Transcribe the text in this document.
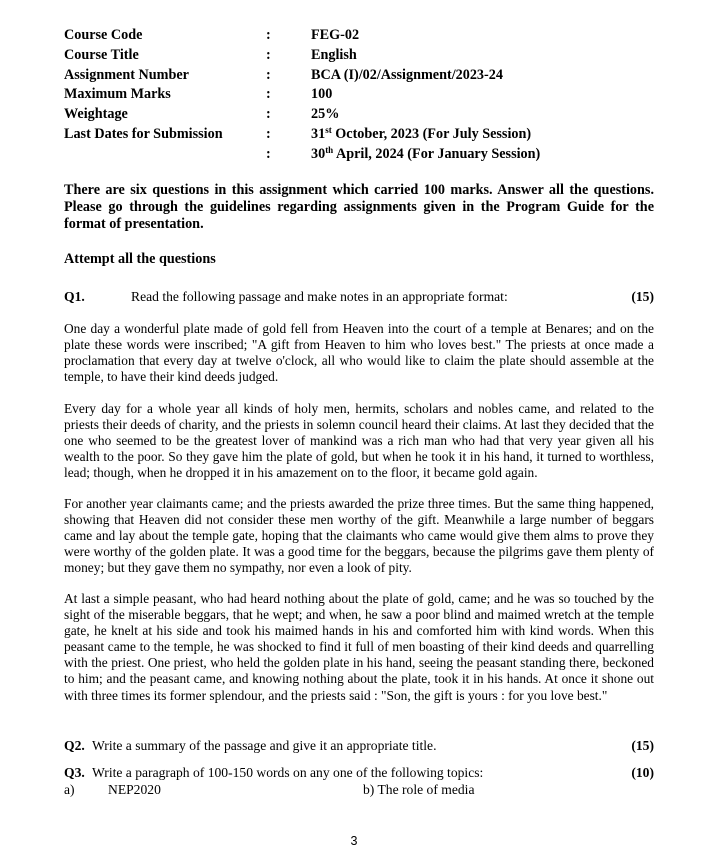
Course Code	:	FEG-02
Course Title	:	English
Assignment Number	:	BCA (I)/02/Assignment/2023-24
Maximum Marks	:	100
Weightage	:	25%
Last Dates for Submission	:	31st October, 2023 (For July Session)
:	30th April, 2024 (For January Session)

There are six questions in this assignment which carried 100 marks. Answer all the questions. Please go through the guidelines regarding assignments given in the Program Guide for the format of presentation.

Attempt all the questions

Q1.	Read the following passage and make notes in an appropriate format:	(15)

One day a wonderful plate made of gold fell from Heaven into the court of a temple at Benares; and on the plate these words were inscribed; "A gift from Heaven to him who loves best." The priests at once made a proclamation that every day at twelve o'clock, all who would like to claim the plate should assemble at the temple, to have their kind deeds judged.

Every day for a whole year all kinds of holy men, hermits, scholars and nobles came, and related to the priests their deeds of charity, and the priests in solemn council heard their claims. At last they decided that the one who seemed to be the greatest lover of mankind was a rich man who had that very year given all his wealth to the poor. So they gave him the plate of gold, but when he took it in his hand, it turned to worthless, lead; though, when he dropped it in his amazement on to the floor, it became gold again.

For another year claimants came; and the priests awarded the prize three times. But the same thing happened, showing that Heaven did not consider these men worthy of the gift. Meanwhile a large number of beggars came and lay about the temple gate, hoping that the claimants who came would give them alms to prove they were worthy of the golden plate. It was a good time for the beggars, because the pilgrims gave them plenty of money; but they gave them no sympathy, nor even a look of pity.

At last a simple peasant, who had heard nothing about the plate of gold, came; and he was so touched by the sight of the miserable beggars, that he wept; and when, he saw a poor blind and maimed wretch at the temple gate, he knelt at his side and took his maimed hands in his and comforted him with kind words. When this peasant came to the temple, he was shocked to find it full of men boasting of their kind deeds and quarrelling with the priest. One priest, who held the golden plate in his hand, seeing the peasant standing there, beckoned to him; and the peasant came, and knowing nothing about the plate, took it in his hands. At once it shone out with three times its former splendour, and the priests said : "Son, the gift is yours : for you love best."

Q2. Write a summary of the passage and give it an appropriate title.	(15)
Q3. Write a paragraph of 100-150 words on any one of the following topics:	(10)
a) NEP2020	b) The role of media
3
